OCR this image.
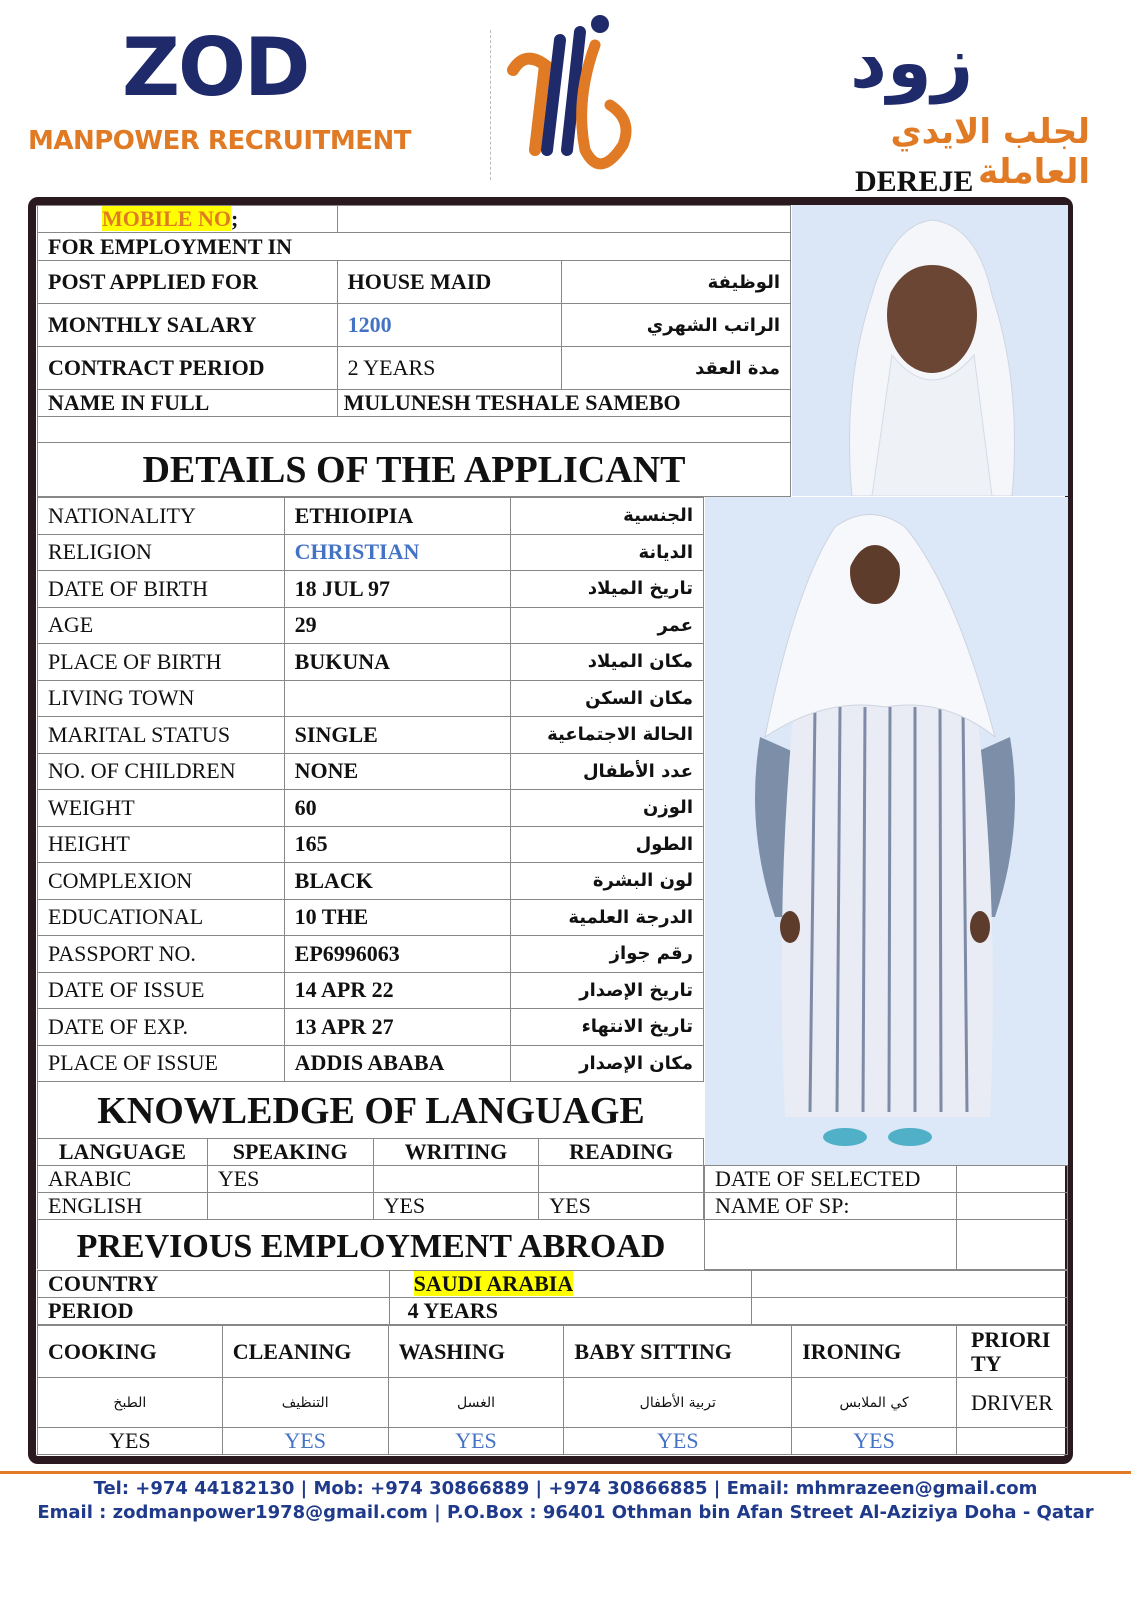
ZOD
MANPOWER RECRUITMENT
زود
لجلب الايدي العاملة
DEREJE
MOBILE NO;		
FOR EMPLOYMENT IN		
POST APPLIED FOR	HOUSE MAID	الوظيفة
MONTHLY SALARY	1200	الراتب الشهري
CONTRACT PERIOD	2 YEARS	مدة العقد
NAME IN FULL	MULUNESH TESHALE SAMEBO	

DETAILS OF THE APPLICANT
NATIONALITY	ETHIOIPIA	الجنسية
RELIGION	CHRISTIAN	الديانة
DATE OF BIRTH	18 JUL 97	تاريخ الميلاد
AGE	29	عمر
PLACE OF BIRTH	BUKUNA	مكان الميلاد
LIVING TOWN		مكان السكن
MARITAL STATUS	SINGLE	الحالة الاجتماعية
NO. OF CHILDREN	NONE	عدد الأطفال
WEIGHT	60	الوزن
HEIGHT	165	الطول
COMPLEXION	BLACK	لون البشرة
EDUCATIONAL	10 THE	الدرجة العلمية
PASSPORT NO.	EP6996063	رقم جواز
DATE OF ISSUE	14 APR 22	تاريخ الإصدار
DATE OF EXP.	13 APR 27	تاريخ الانتهاء
PLACE OF ISSUE	ADDIS ABABA	مكان الإصدار
KNOWLEDGE OF LANGUAGE
LANGUAGE	SPEAKING	WRITING	READING
ARABIC	YES		
ENGLISH		YES	YES
DATE OF SELECTED	
NAME OF SP:	

PREVIOUS EMPLOYMENT ABROAD
COUNTRY	SAUDI ARABIA	
PERIOD	4 YEARS	
COOKING	CLEANING	WASHING	BABY SITTING	IRONING	PRIORI TY
الطبخ	التنظيف	الغسل	تربية الأطفال	كي الملابس	DRIVER
YES	YES	YES	YES	YES	
Tel: +974 44182130 | Mob: +974 30866889 | +974 30866885 | Email: mhmrazeen@gmail.com
Email : zodmanpower1978@gmail.com | P.O.Box : 96401 Othman bin Afan Street Al-Aziziya Doha - Qatar
